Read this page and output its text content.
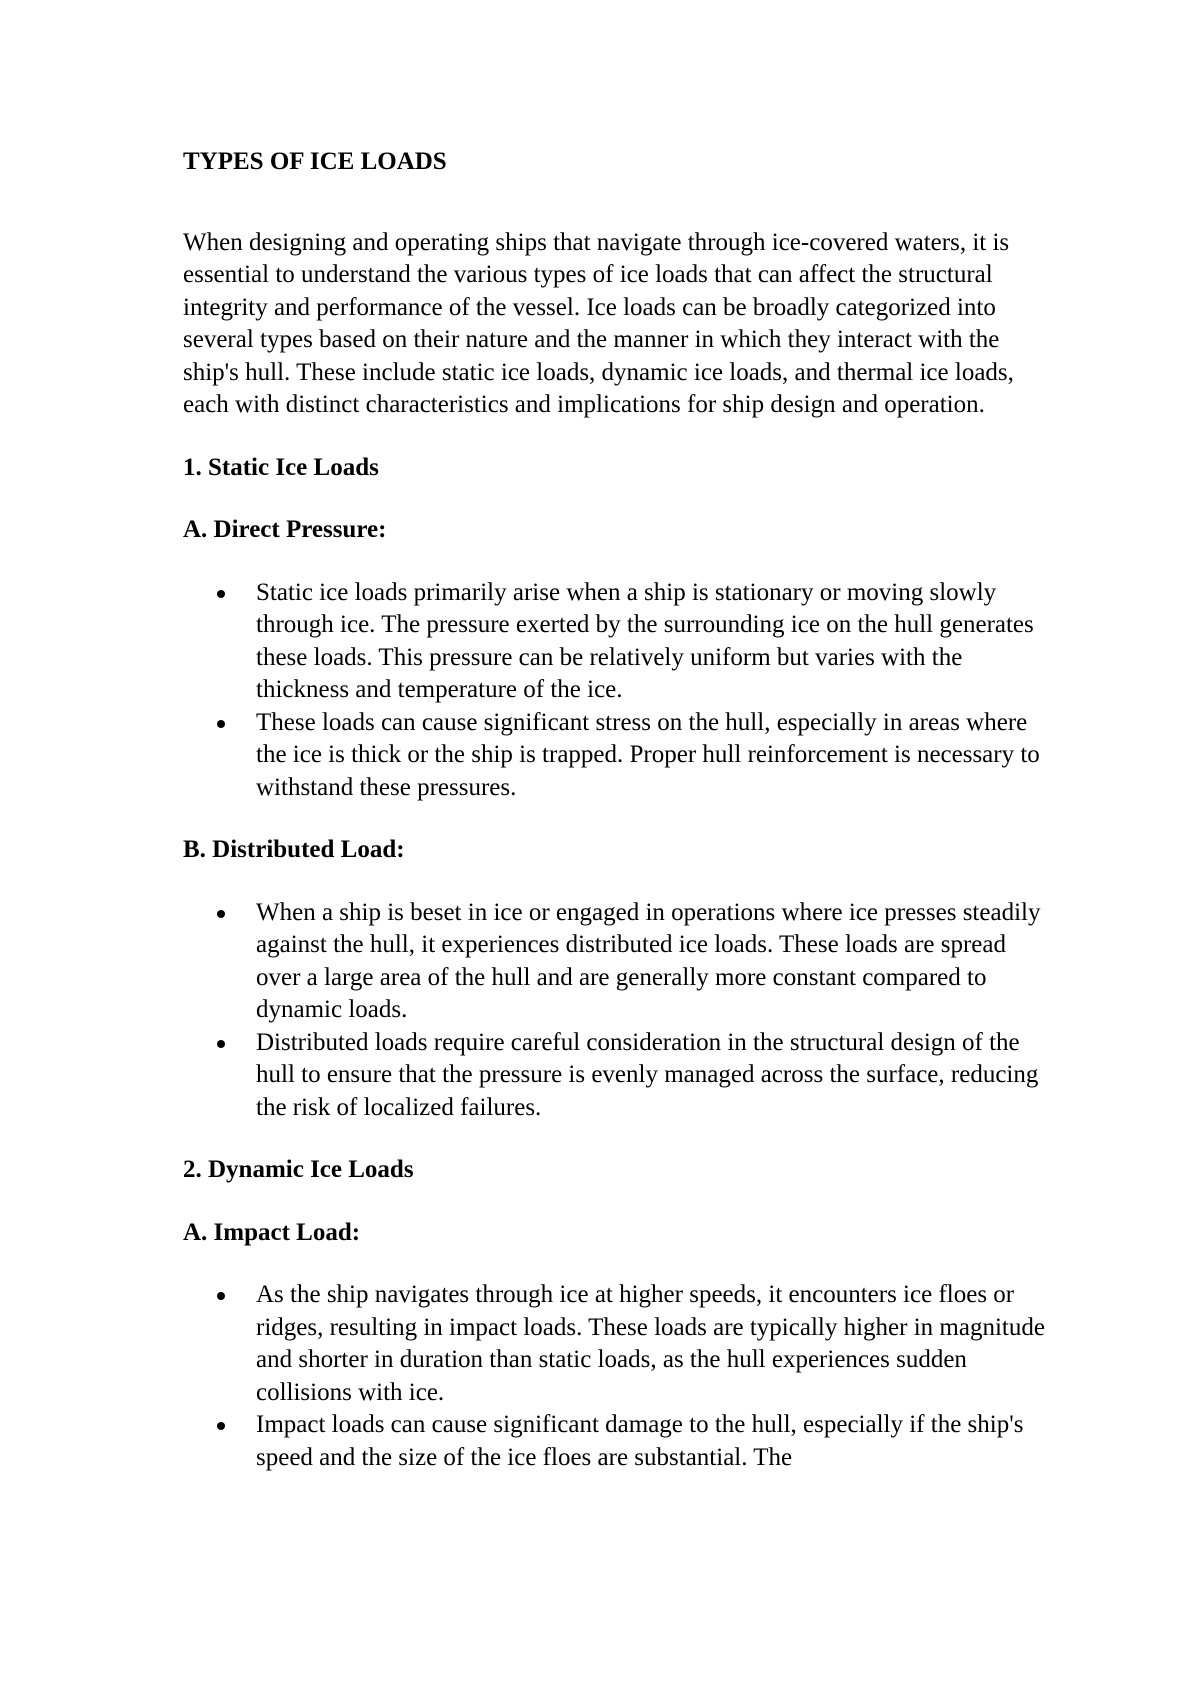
TYPES OF ICE LOADS

When designing and operating ships that navigate through ice-covered waters, it is essential to understand the various types of ice loads that can affect the structural integrity and performance of the vessel. Ice loads can be broadly categorized into several types based on their nature and the manner in which they interact with the ship's hull. These include static ice loads, dynamic ice loads, and thermal ice loads, each with distinct characteristics and implications for ship design and operation.

1. Static Ice Loads
A. Direct Pressure:
Static ice loads primarily arise when a ship is stationary or moving slowly through ice. The pressure exerted by the surrounding ice on the hull generates these loads. This pressure can be relatively uniform but varies with the thickness and temperature of the ice.
These loads can cause significant stress on the hull, especially in areas where the ice is thick or the ship is trapped. Proper hull reinforcement is necessary to withstand these pressures.
B. Distributed Load:
When a ship is beset in ice or engaged in operations where ice presses steadily against the hull, it experiences distributed ice loads. These loads are spread over a large area of the hull and are generally more constant compared to dynamic loads.
Distributed loads require careful consideration in the structural design of the hull to ensure that the pressure is evenly managed across the surface, reducing the risk of localized failures.
2. Dynamic Ice Loads
A. Impact Load:
As the ship navigates through ice at higher speeds, it encounters ice floes or ridges, resulting in impact loads. These loads are typically higher in magnitude and shorter in duration than static loads, as the hull experiences sudden collisions with ice.
Impact loads can cause significant damage to the hull, especially if the ship's speed and the size of the ice floes are substantial. The
